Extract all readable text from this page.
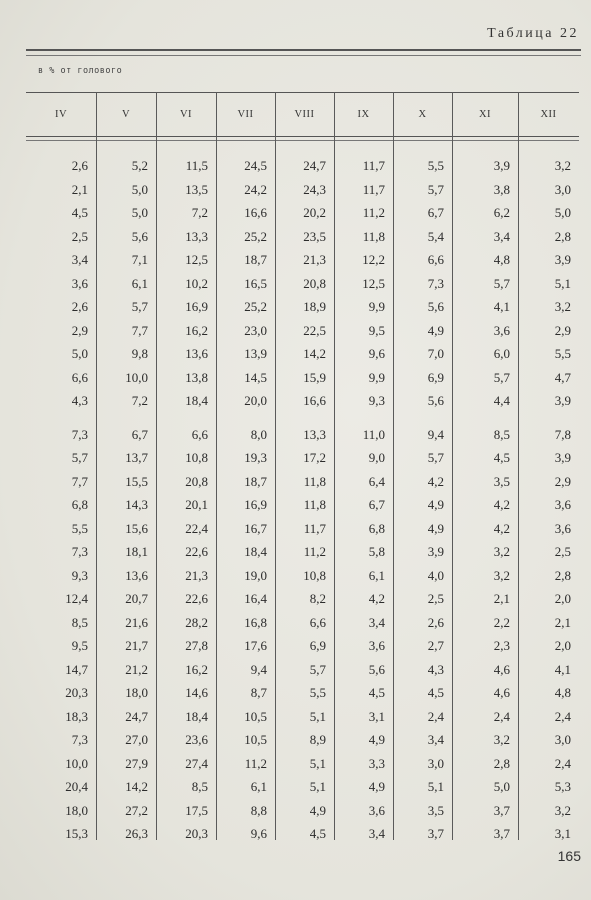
Таблица 22
в % от голового
IV
2,6
2,1
4,5
2,5
3,4
3,6
2,6
2,9
5,0
6,6
4,3
7,3
5,7
7,7
6,8
5,5
7,3
9,3
12,4
8,5
9,5
14,7
20,3
18,3
7,3
10,0
20,4
18,0
15,3
V
5,2
5,0
5,0
5,6
7,1
6,1
5,7
7,7
9,8
10,0
7,2
6,7
13,7
15,5
14,3
15,6
18,1
13,6
20,7
21,6
21,7
21,2
18,0
24,7
27,0
27,9
14,2
27,2
26,3
VI
11,5
13,5
7,2
13,3
12,5
10,2
16,9
16,2
13,6
13,8
18,4
6,6
10,8
20,8
20,1
22,4
22,6
21,3
22,6
28,2
27,8
16,2
14,6
18,4
23,6
27,4
8,5
17,5
20,3
VII
24,5
24,2
16,6
25,2
18,7
16,5
25,2
23,0
13,9
14,5
20,0
8,0
19,3
18,7
16,9
16,7
18,4
19,0
16,4
16,8
17,6
9,4
8,7
10,5
10,5
11,2
6,1
8,8
9,6
VIII
24,7
24,3
20,2
23,5
21,3
20,8
18,9
22,5
14,2
15,9
16,6
13,3
17,2
11,8
11,8
11,7
11,2
10,8
8,2
6,6
6,9
5,7
5,5
5,1
8,9
5,1
5,1
4,9
4,5
IX
11,7
11,7
11,2
11,8
12,2
12,5
9,9
9,5
9,6
9,9
9,3
11,0
9,0
6,4
6,7
6,8
5,8
6,1
4,2
3,4
3,6
5,6
4,5
3,1
4,9
3,3
4,9
3,6
3,4
X
5,5
5,7
6,7
5,4
6,6
7,3
5,6
4,9
7,0
6,9
5,6
9,4
5,7
4,2
4,9
4,9
3,9
4,0
2,5
2,6
2,7
4,3
4,5
2,4
3,4
3,0
5,1
3,5
3,7
XI
3,9
3,8
6,2
3,4
4,8
5,7
4,1
3,6
6,0
5,7
4,4
8,5
4,5
3,5
4,2
4,2
3,2
3,2
2,1
2,2
2,3
4,6
4,6
2,4
3,2
2,8
5,0
3,7
3,7
XII
3,2
3,0
5,0
2,8
3,9
5,1
3,2
2,9
5,5
4,7
3,9
7,8
3,9
2,9
3,6
3,6
2,5
2,8
2,0
2,1
2,0
4,1
4,8
2,4
3,0
2,4
5,3
3,2
3,1
165
